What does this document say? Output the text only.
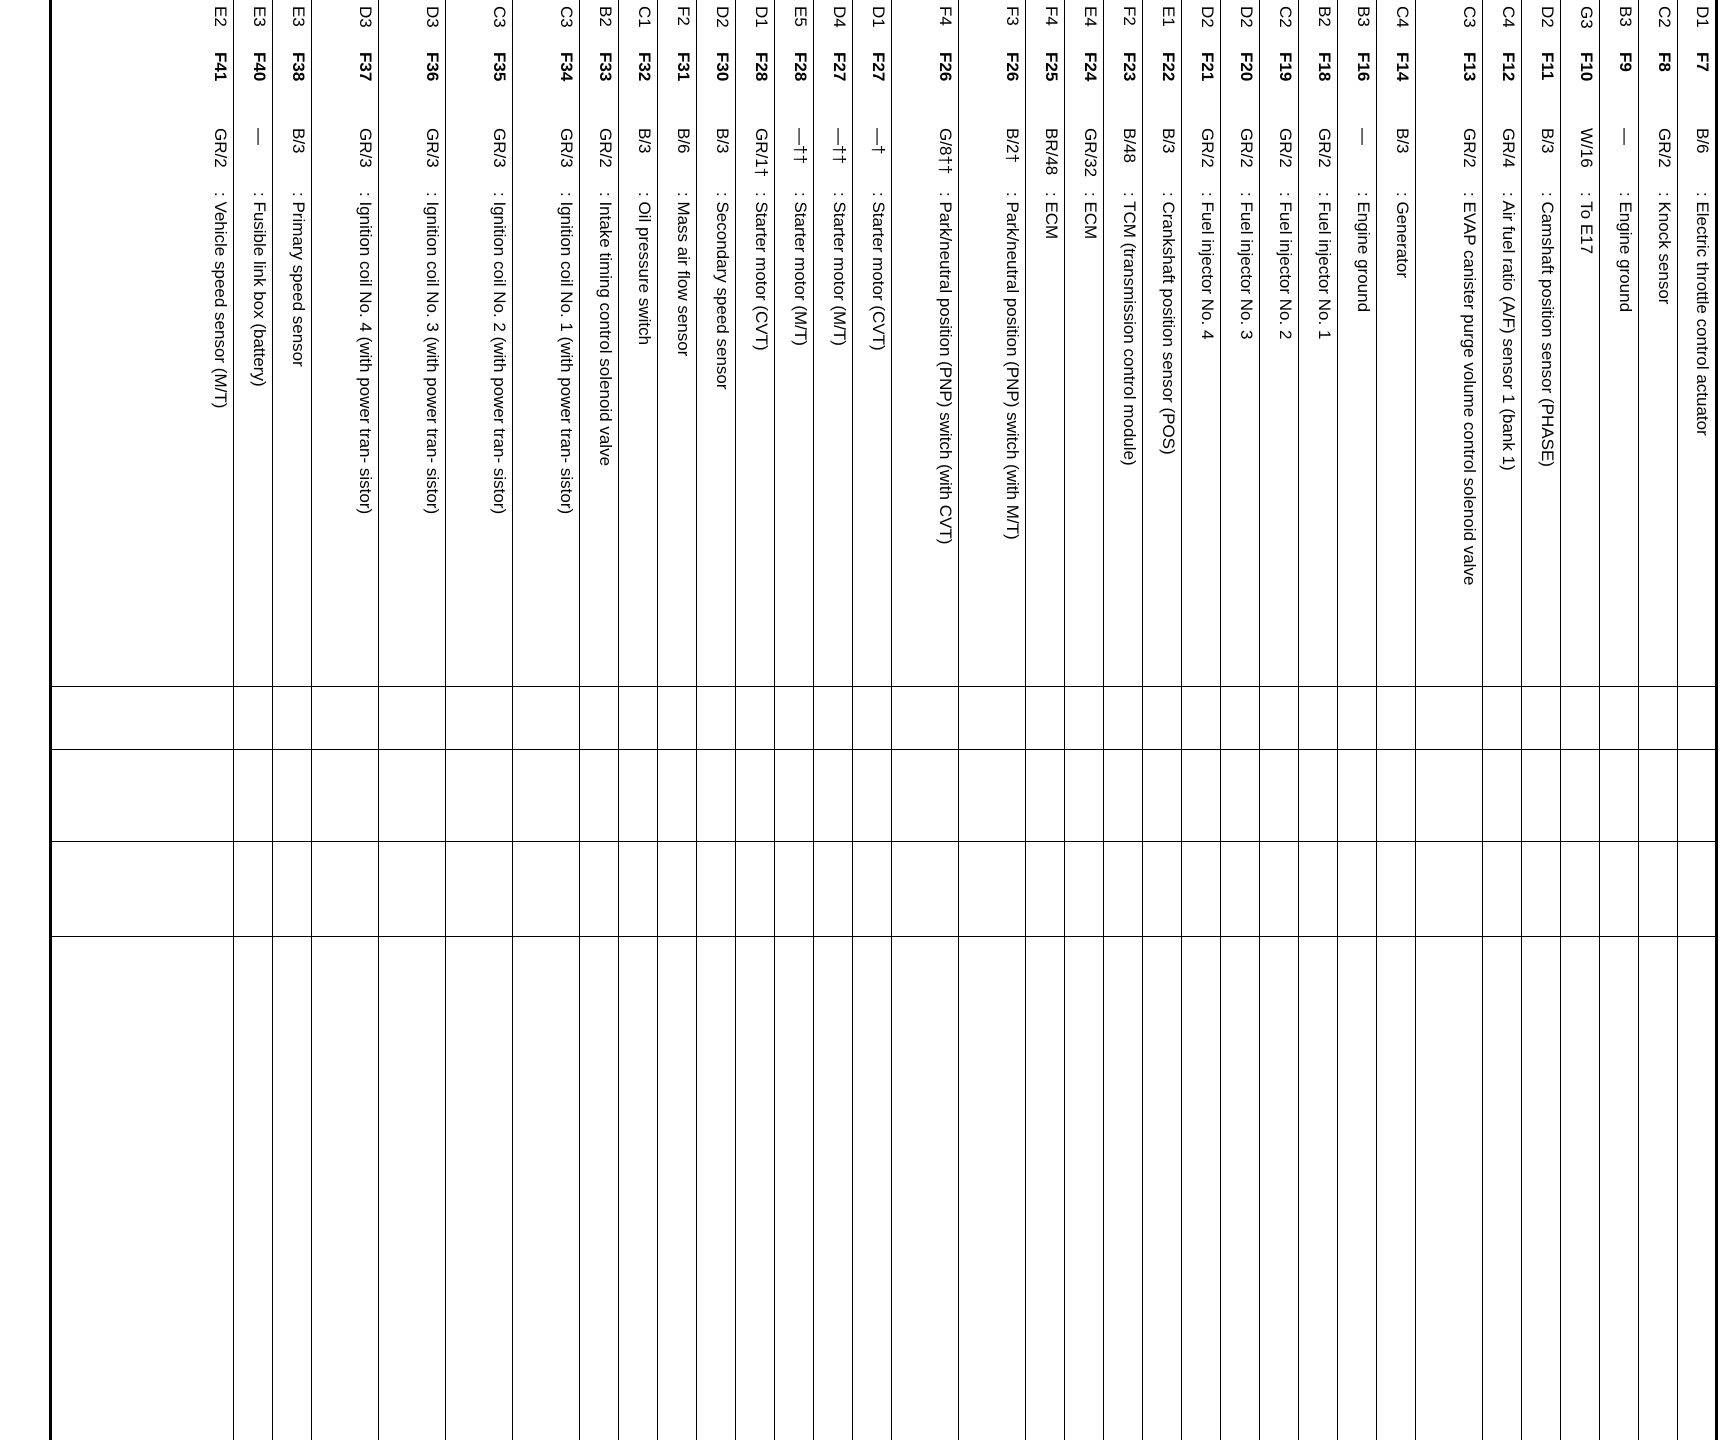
D1
F7
B/6
: Electric throttle control actuator
C2
F8
GR/2
: Knock sensor
B3
F9
—
: Engine ground
G3
F10
W/16
: To E17
D2
F11
B/3
: Camshaft position sensor (PHASE)
C4
F12
GR/4
: Air fuel ratio (A/F) sensor 1 (bank 1)
C3
F13
GR/2
: EVAP canister purge volume control solenoid valve
C4
F14
B/3
: Generator
B3
F16
—
: Engine ground
B2
F18
GR/2
: Fuel injector No. 1
C2
F19
GR/2
: Fuel injector No. 2
D2
F20
GR/2
: Fuel injector No. 3
D2
F21
GR/2
: Fuel injector No. 4
E1
F22
B/3
: Crankshaft position sensor (POS)
F2
F23
B/48
: TCM (transmission control module)
E4
F24
GR/32
: ECM
F4
F25
BR/48
: ECM
F3
F26
B/2†
: Park/neutral position (PNP) switch (with M/T)
F4
F26
G/8††
: Park/neutral position (PNP) switch (with CVT)
D1
F27
—†
: Starter motor (CVT)
D4
F27
—††
: Starter motor (M/T)
E5
F28
—††
: Starter motor (M/T)
D1
F28
GR/1†
: Starter motor (CVT)
D2
F30
B/3
: Secondary speed sensor
F2
F31
B/6
: Mass air flow sensor
C1
F32
B/3
: Oil pressure switch
B2
F33
GR/2
: Intake timing control solenoid valve
C3
F34
GR/3
: Ignition coil No. 1 (with power tran- sistor)
C3
F35
GR/3
: Ignition coil No. 2 (with power tran- sistor)
D3
F36
GR/3
: Ignition coil No. 3 (with power tran- sistor)
D3
F37
GR/3
: Ignition coil No. 4 (with power tran- sistor)
E3
F38
B/3
: Primary speed sensor
E3
F40
—
: Fusible link box (battery)
E2
F41
GR/2
: Vehicle speed sensor (M/T)
